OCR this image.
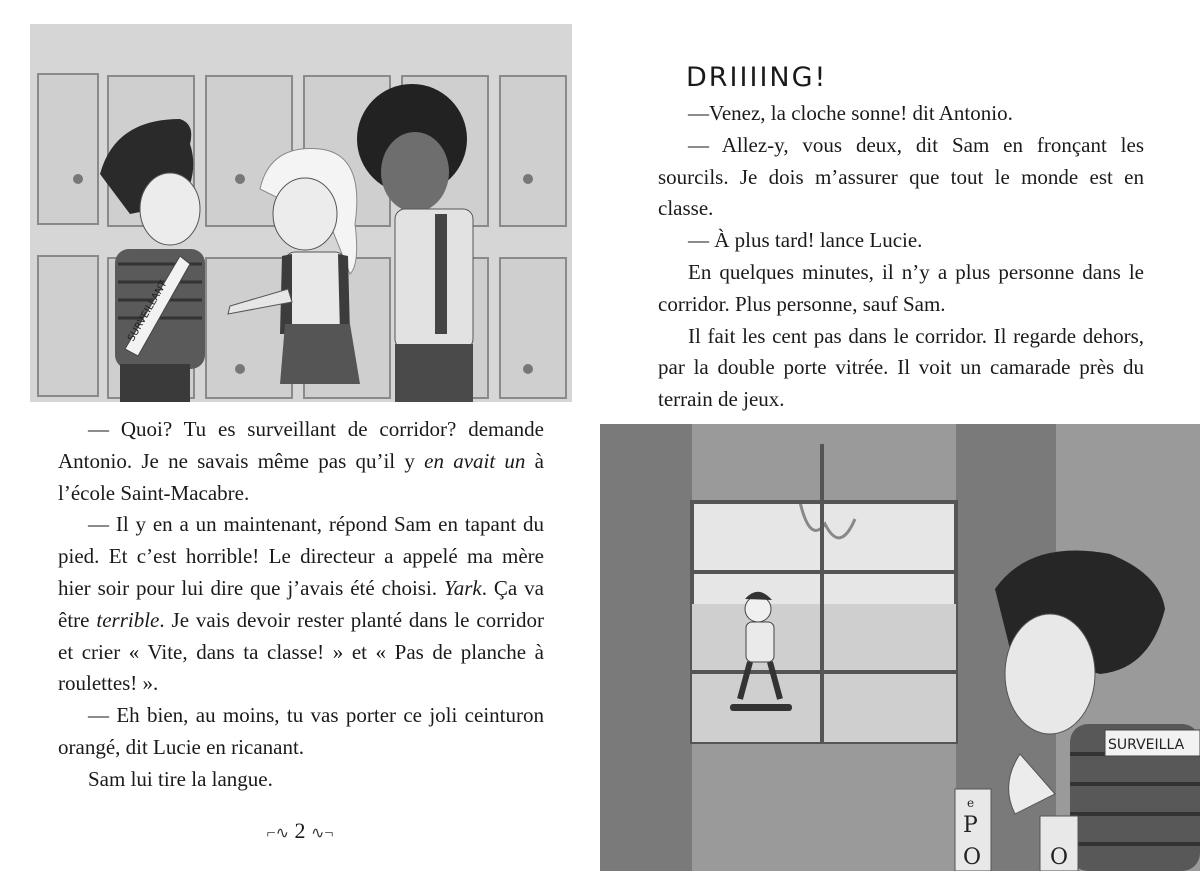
SURVEILLANT

— Quoi? Tu es surveillant de corridor? demande Antonio. Je ne savais même pas qu’il y en avait un à l’école Saint-Macabre.

— Il y en a un maintenant, répond Sam en tapant du pied. Et c’est horrible! Le directeur a appelé ma mère hier soir pour lui dire que j’avais été choisi. Yark. Ça va être terrible. Je vais devoir rester planté dans le corridor et crier « Vite, dans ta classe! » et « Pas de planche à roulettes! ».

— Eh bien, au moins, tu vas porter ce joli ceinturon orangé, dit Lucie en ricanant.

Sam lui tire la langue.

⌐∿ 2 ∿¬
DRIIIING!

—Venez, la cloche sonne! dit Antonio.

— Allez-y, vous deux, dit Sam en fronçant les sourcils. Je dois m’assurer que tout le monde est en classe.

— À plus tard! lance Lucie.

En quelques minutes, il n’y a plus personne dans le corridor. Plus personne, sauf Sam.

Il fait les cent pas dans le corridor. Il regarde dehors, par la double porte vitrée. Il voit un camarade près du terrain de jeux.

SURVEILLA
e
P
O	O
